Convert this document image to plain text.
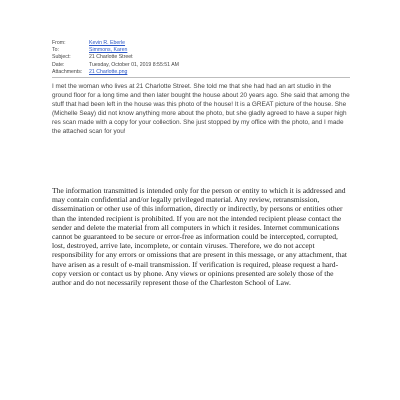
From:	Kevin R. Eberle
To:	Simmons, Karen
Subject:	21 Charlotte Street
Date:	Tuesday, October 01, 2019 8:55:51 AM
Attachments:	21 Charlotte.png
I met the woman who lives at 21 Charlotte Street. She told me that she had had an art studio in the ground floor for a long time and then later bought the house about 20 years ago. She said that among the stuff that had been left in the house was this photo of the house! It is a GREAT picture of the house. She (Michelle Seay) did not know anything more about the photo, but she gladly agreed to have a super high res scan made with a copy for your collection. She just stopped by my office with the photo, and I made the attached scan for you!
The information transmitted is intended only for the person or entity to which it is addressed and may contain confidential and/or legally privileged material. Any review, retransmission, dissemination or other use of this information, directly or indirectly, by persons or entities other than the intended recipient is prohibited. If you are not the intended recipient please contact the sender and delete the material from all computers in which it resides. Internet communications cannot be guaranteed to be secure or error-free as information could be intercepted, corrupted, lost, destroyed, arrive late, incomplete, or contain viruses. Therefore, we do not accept responsibility for any errors or omissions that are present in this message, or any attachment, that have arisen as a result of e-mail transmission. If verification is required, please request a hard-copy version or contact us by phone. Any views or opinions presented are solely those of the author and do not necessarily represent those of the Charleston School of Law.
